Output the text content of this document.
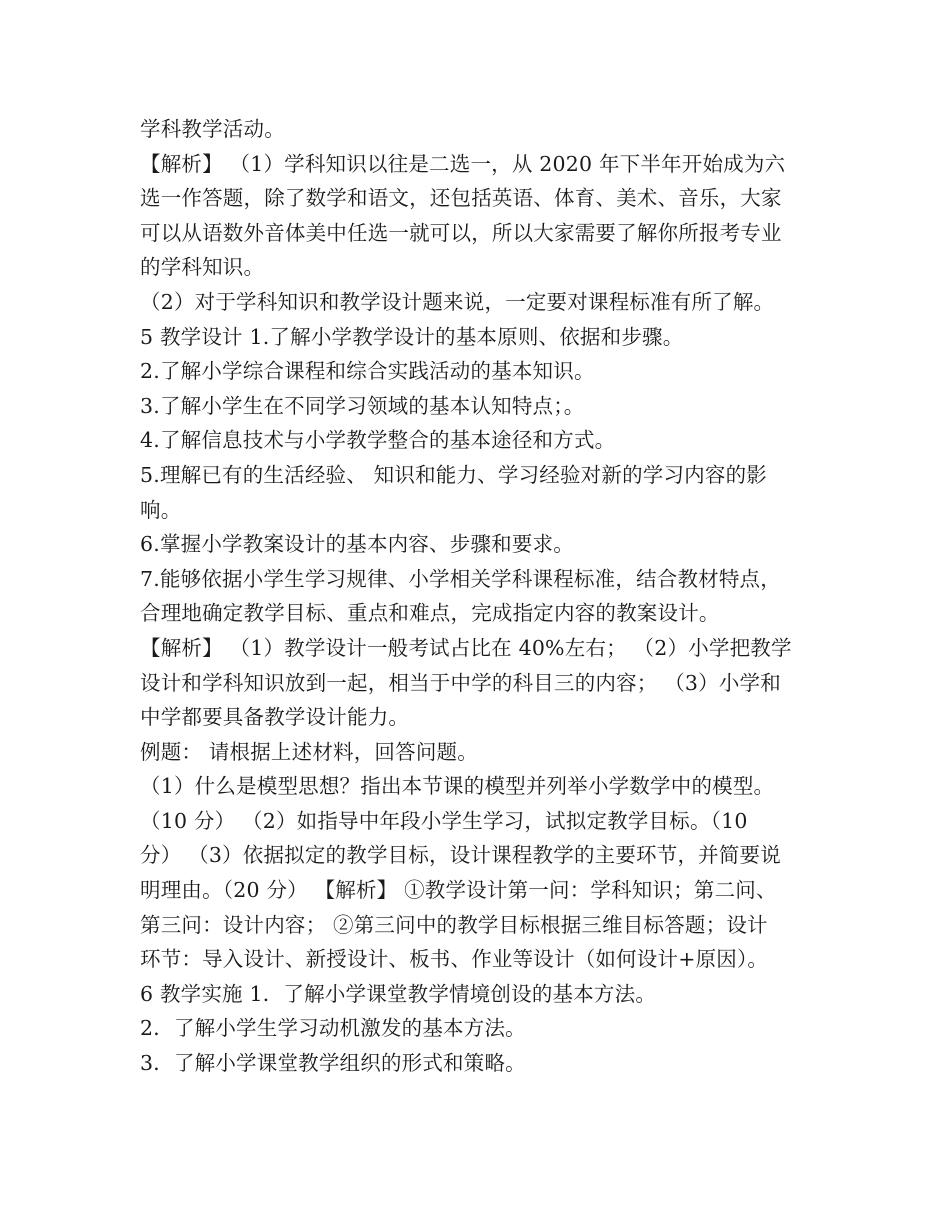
学科教学活动。
【解析】 （1）学科知识以往是二选一，从 2020 年下半年开始成为六
选一作答题，除了数学和语文，还包括英语、体育、美术、音乐，大家
可以从语数外音体美中任选一就可以，所以大家需要了解你所报考专业
的学科知识。
（2）对于学科知识和教学设计题来说，一定要对课程标准有所了解。
5 教学设计 1.了解小学教学设计的基本原则、依据和步骤。
2.了解小学综合课程和综合实践活动的基本知识。
3.了解小学生在不同学习领域的基本认知特点；。
4.了解信息技术与小学教学整合的基本途径和方式。
5.理解已有的生活经验、 知识和能力、学习经验对新的学习内容的影
响。
6.掌握小学教案设计的基本内容、步骤和要求。
7.能够依据小学生学习规律、小学相关学科课程标准，结合教材特点，
合理地确定教学目标、重点和难点，完成指定内容的教案设计。
【解析】 （1）教学设计一般考试占比在 40%左右； （2）小学把教学
设计和学科知识放到一起，相当于中学的科目三的内容； （3）小学和
中学都要具备教学设计能力。
例题： 请根据上述材料，回答问题。
（1）什么是模型思想？指出本节课的模型并列举小学数学中的模型。
（10 分） （2）如指导中年段小学生学习，试拟定教学目标。（10
分） （3）依据拟定的教学目标，设计课程教学的主要环节，并简要说
明理由。（20 分） 【解析】 ①教学设计第一问：学科知识；第二问、
第三问：设计内容； ②第三问中的教学目标根据三维目标答题；设计
环节：导入设计、新授设计、板书、作业等设计（如何设计+原因）。
6 教学实施 1．了解小学课堂教学情境创设的基本方法。
2．了解小学生学习动机激发的基本方法。
3．了解小学课堂教学组织的形式和策略。
